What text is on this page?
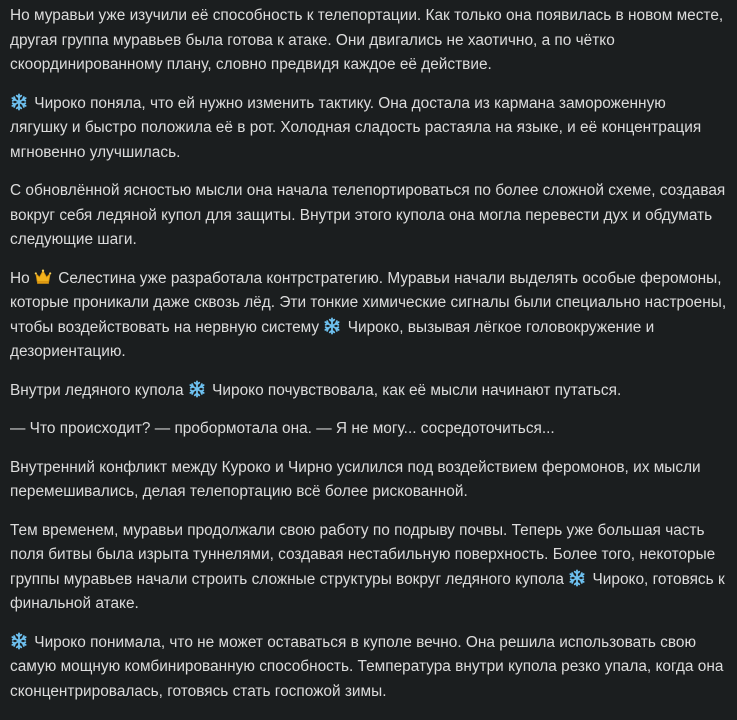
Но муравьи уже изучили её способность к телепортации. Как только она появилась в новом месте, другая группа муравьев была готова к атаке. Они двигались не хаотично, а по чётко скоординированному плану, словно предвидя каждое её действие.

Чироко поняла, что ей нужно изменить тактику. Она достала из кармана замороженную лягушку и быстро положила её в рот. Холодная сладость растаяла на языке, и её концентрация мгновенно улучшилась.

С обновлённой ясностью мысли она начала телепортироваться по более сложной схеме, создавая вокруг себя ледяной купол для защиты. Внутри этого купола она могла перевести дух и обдумать следующие шаги.

Но Селестина уже разработала контрстратегию. Муравьи начали выделять особые феромоны, которые проникали даже сквозь лёд. Эти тонкие химические сигналы были специально настроены, чтобы воздействовать на нервную систему Чироко, вызывая лёгкое головокружение и дезориентацию.

Внутри ледяного купола Чироко почувствовала, как её мысли начинают путаться.

— Что происходит? — пробормотала она. — Я не могу... сосредоточиться...

Внутренний конфликт между Куроко и Чирно усилился под воздействием феромонов, их мысли перемешивались, делая телепортацию всё более рискованной.

Тем временем, муравьи продолжали свою работу по подрыву почвы. Теперь уже большая часть поля битвы была изрыта туннелями, создавая нестабильную поверхность. Более того, некоторые группы муравьев начали строить сложные структуры вокруг ледяного купола Чироко, готовясь к финальной атаке.

Чироко понимала, что не может оставаться в куполе вечно. Она решила использовать свою самую мощную комбинированную способность. Температура внутри купола резко упала, когда она сконцентрировалась, готовясь стать госпожой зимы.
